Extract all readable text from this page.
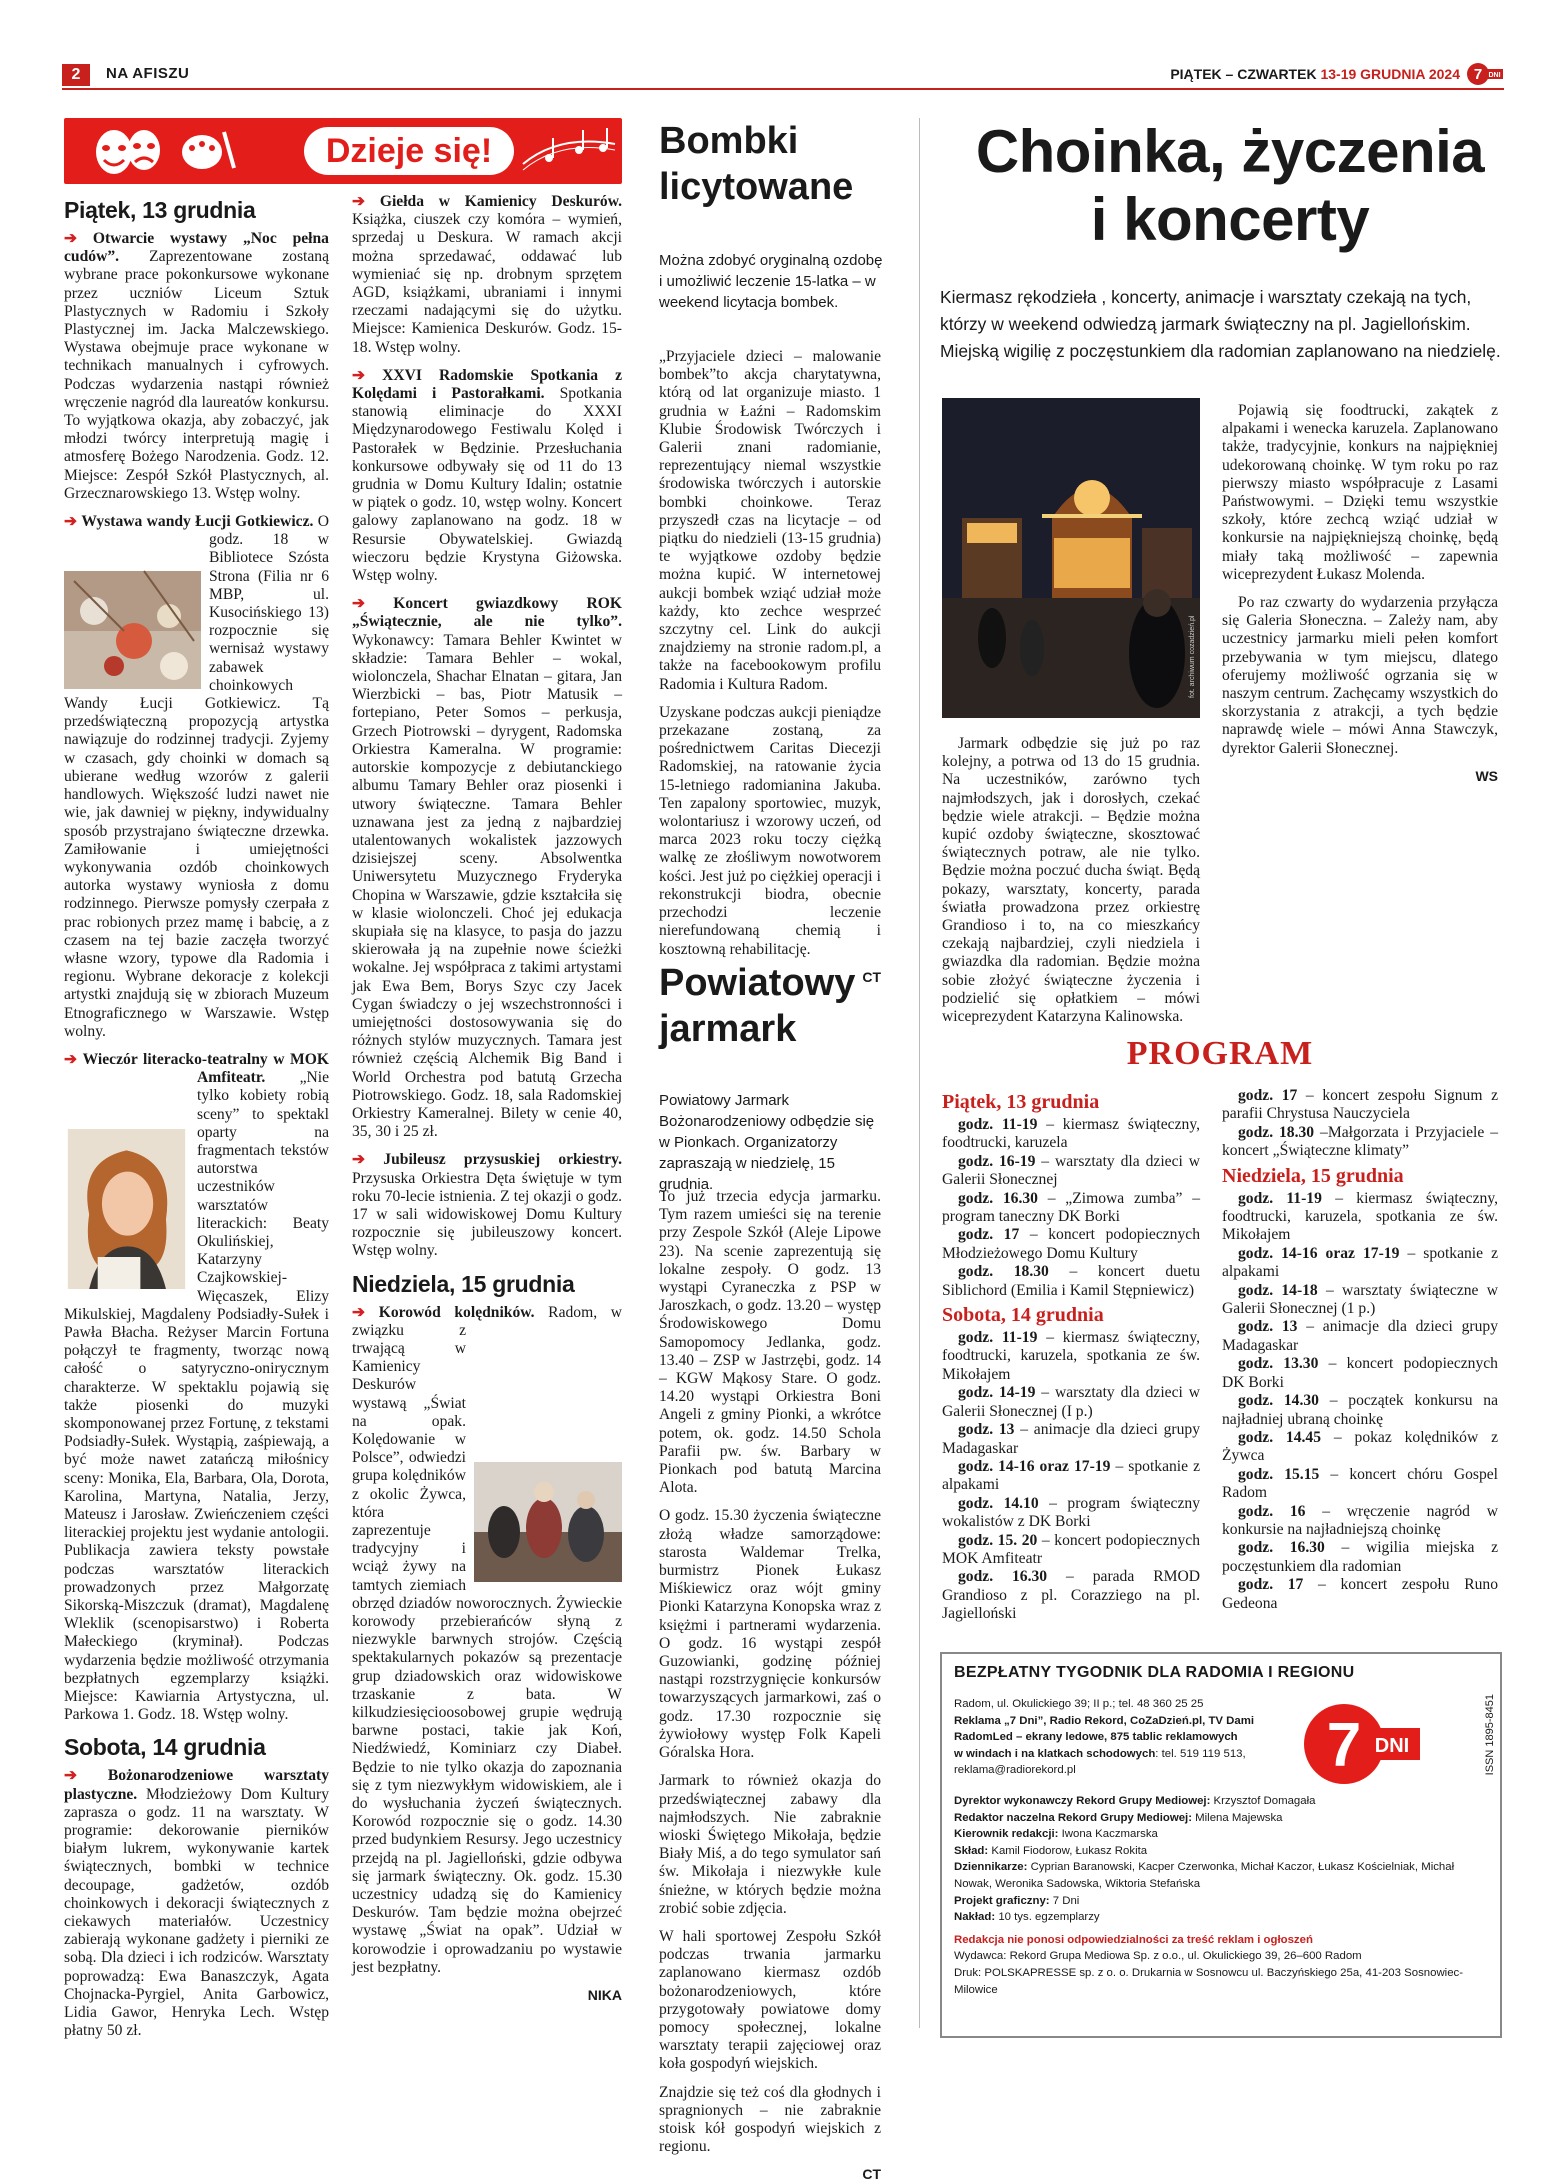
2	NA AFISZU	PIĄTEK – CZWARTEK 13-19 GRUDNIA 2024 7 DNI
Dzieje się!
Piątek, 13 grudnia

➔ Otwarcie wystawy „Noc pełna cudów”. Zaprezentowane zostaną wybrane prace pokonkursowe wykonane przez uczniów Liceum Sztuk Plastycznych w Radomiu i Szkoły Plastycznej im. Jacka Malczewskiego. Wystawa obejmuje prace wykonane w technikach manualnych i cyfrowych. Podczas wydarzenia nastąpi również wręczenie nagród dla laureatów konkursu. To wyjątkowa okazja, aby zobaczyć, jak młodzi twórcy interpretują magię i atmosferę Bożego Narodzenia. Godz. 12. Miejsce: Zespół Szkół Plastycznych, al. Grzecznarowskiego 13. Wstęp wolny.

➔ Wystawa wandy Łucji Gotkiewicz.
O godz. 18 w Bibliotece Szósta Strona (Filia nr 6 MBP, ul. Kusocińskiego 13) rozpocznie się wernisaż wystawy zabawek choinkowych Wandy Łucji Gotkiewicz. Tą przedświąteczną propozycją artystka nawiązuje do rodzinnej tradycji. Zyjemy w czasach, gdy choinki w domach są ubierane według wzorów z galerii handlowych. Większość ludzi nawet nie wie, jak dawniej w piękny, indywidualny sposób przystrajano świąteczne drzewka. Zamiłowanie i umiejętności wykonywania ozdób choinkowych autorka wystawy wyniosła z domu rodzinnego. Pierwsze pomysły czerpała z prac robionych przez mamę i babcię, a z czasem na tej bazie zaczęła tworzyć własne wzory, typowe dla Radomia i regionu. Wybrane dekoracje z kolekcji artystki znajdują się w zbiorach Muzeum Etnograficznego w Warszawie. Wstęp wolny.

➔ Wieczór literacko-teatralny w MOK Amfiteatr.
„Nie tylko kobiety robią sceny” to spektakl oparty na fragmentach tekstów autorstwa uczestników warsztatów literackich: Beaty Okulińskiej, Katarzyny Czajkowskiej-Więcaszek, Elizy Mikulskiej, Magdaleny Podsiadły-Sułek i Pawła Błacha. Reżyser Marcin Fortuna połączył te fragmenty, tworząc nową całość o satyryczno-onirycznym charakterze. W spektaklu pojawią się także piosenki do muzyki skomponowanej przez Fortunę, z tekstami Podsiadły-Sułek. Wystąpią, zaśpiewają, a być może nawet zatańczą miłośnicy sceny: Monika, Ela, Barbara, Ola, Dorota, Karolina, Martyna, Natalia, Jerzy, Mateusz i Jarosław. Zwieńczeniem części literackiej projektu jest wydanie antologii. Publikacja zawiera teksty powstałe podczas warsztatów literackich prowadzonych przez Małgorzatę Sikorską-Miszczuk (dramat), Magdalenę Wleklik (scenopisarstwo) i Roberta Małeckiego (kryminał). Podczas wydarzenia będzie możliwość otrzymania bezpłatnych egzemplarzy książki. Miejsce: Kawiarnia Artystyczna, ul. Parkowa 1. Godz. 18. Wstęp wolny.

Sobota, 14 grudnia

➔ Bożonarodzeniowe warsztaty plastyczne. Młodzieżowy Dom Kultury zaprasza o godz. 11 na warsztaty. W programie: dekorowanie pierników białym lukrem, wykonywanie kartek świątecznych, bombki w technice decoupage, gadżetów, ozdób choinkowych i dekoracji świątecznych z ciekawych materiałów. Uczestnicy zabierają wykonane gadżety i pierniki ze sobą. Dla dzieci i ich rodziców. Warsztaty poprowadzą: Ewa Banaszczyk, Agata Chojnacka-Pyrgiel, Anita Garbowicz, Lidia Gawor, Henryka Lech. Wstęp płatny 50 zł.

➔ Giełda w Kamienicy Deskurów. Książka, ciuszek czy komóra – wymień, sprzedaj u Deskura. W ramach akcji można sprzedawać, oddawać lub wymieniać się np. drobnym sprzętem AGD, książkami, ubraniami i innymi rzeczami nadającymi się do użytku. Miejsce: Kamienica Deskurów. Godz. 15-18. Wstęp wolny.

➔ XXVI Radomskie Spotkania z Kolędami i Pastorałkami. Spotkania stanowią eliminacje do XXXI Międzynarodowego Festiwalu Kolęd i Pastorałek w Będzinie. Przesłuchania konkursowe odbywały się od 11 do 13 grudnia w Domu Kultury Idalin; ostatnie w piątek o godz. 10, wstęp wolny. Koncert galowy zaplanowano na godz. 18 w Resursie Obywatelskiej. Gwiazdą wieczoru będzie Krystyna Giżowska. Wstęp wolny.

➔ Koncert gwiazdkowy ROK „Świątecznie, ale nie tylko”. Wykonawcy: Tamara Behler Kwintet w składzie: Tamara Behler – wokal, wiolonczela, Shachar Elnatan – gitara, Jan Wierzbicki – bas, Piotr Matusik – fortepiano, Peter Somos – perkusja, Grzech Piotrowski – dyrygent, Radomska Orkiestra Kameralna. W programie: autorskie kompozycje z debiutanckiego albumu Tamary Behler oraz piosenki i utwory świąteczne. Tamara Behler uznawana jest za jedną z najbardziej utalentowanych wokalistek jazzowych dzisiejszej sceny. Absolwentka Uniwersytetu Muzycznego Fryderyka Chopina w Warszawie, gdzie kształciła się w klasie wiolonczeli. Choć jej edukacja skupiała się na klasyce, to pasja do jazzu skierowała ją na zupełnie nowe ścieżki wokalne. Jej współpraca z takimi artystami jak Ewa Bem, Borys Szyc czy Jacek Cygan świadczy o jej wszechstronności i umiejętności dostosowywania się do różnych stylów muzycznych. Tamara jest również częścią Alchemik Big Band i World Orchestra pod batutą Grzecha Piotrowskiego. Godz. 18, sala Radomskiej Orkiestry Kameralnej. Bilety w cenie 40, 35, 30 i 25 zł.

➔ Jubileusz przysuskiej orkiestry. Przysuska Orkiestra Dęta świętuje w tym roku 70-lecie istnienia. Z tej okazji o godz. 17 w sali widowiskowej Domu Kultury rozpocznie się jubileuszowy koncert. Wstęp wolny.

Niedziela, 15 grudnia

➔ Korowód kolędników.
Radom, w związku z trwającą w Kamienicy Deskurów wystawą „Świat na opak. Kolędowanie w Polsce”, odwiedzi grupa kolędników z okolic Żywca, która zaprezentuje tradycyjny i wciąż żywy na tamtych ziemiach obrzęd dziadów noworocznych. Żywieckie korowody przebierańców słyną z niezwykle barwnych strojów. Częścią spektakularnych pokazów są prezentacje grup dziadowskich oraz widowiskowe trzaskanie z bata. W kilkudziesięcioosobowej grupie wędrują barwne postaci, takie jak Koń, Niedźwiedź, Kominiarz czy Diabeł. Będzie to nie tylko okazja do zapoznania się z tym niezwykłym widowiskiem, ale i do wysłuchania życzeń świątecznych. Korowód rozpocznie się o godz. 14.30 przed budynkiem Resursy. Jego uczestnicy przejdą na pl. Jagielloński, gdzie odbywa się jarmark świąteczny. Ok. godz. 15.30 uczestnicy udadzą się do Kamienicy Deskurów. Tam będzie można obejrzeć wystawę „Świat na opak”. Udział w korowodzie i oprowadzaniu po wystawie jest bezpłatny.

NIKA
Bombki licytowane
Można zdobyć oryginalną ozdobę i umożliwić leczenie 15-latka – w weekend licytacja bombek.

„Przyjaciele dzieci – malowanie bombek”to akcja charytatywna, którą od lat organizuje miasto. 1 grudnia w Łaźni – Radomskim Klubie Środowisk Twórczych i Galerii znani radomianie, reprezentujący niemal wszystkie środowiska twórczych i autorskie bombki choinkowe. Teraz przyszedł czas na licytacje – od piątku do niedzieli (13-15 grudnia) te wyjątkowe ozdoby będzie można kupić. W internetowej aukcji bombek wziąć udział może każdy, kto zechce wesprzeć szczytny cel. Link do aukcji znajdziemy na stronie radom.pl, a także na facebookowym profilu Radomia i Kultura Radom.

Uzyskane podczas aukcji pieniądze przekazane zostaną, za pośrednictwem Caritas Diecezji Radomskiej, na ratowanie życia 15-letniego radomianina Jakuba. Ten zapalony sportowiec, muzyk, wolontariusz i wzorowy uczeń, od marca 2023 roku toczy ciężką walkę ze złośliwym nowotworem kości. Jest już po ciężkiej operacji i rekonstrukcji biodra, obecnie przechodzi leczenie nierefundowaną chemią i kosztowną rehabilitację.

CT
Powiatowy jarmark
Powiatowy Jarmark Bożonarodzeniowy odbędzie się w Pionkach. Organizatorzy zapraszają w niedzielę, 15 grudnia.

To już trzecia edycja jarmarku. Tym razem umieści się na terenie przy Zespole Szkół (Aleje Lipowe 23). Na scenie zaprezentują się lokalne zespoły. O godz. 13 wystąpi Cyraneczka z PSP w Jaroszkach, o godz. 13.20 – występ Środowiskowego Domu Samopomocy Jedlanka, godz. 13.40 – ZSP w Jastrzębi, godz. 14 – KGW Mąkosy Stare. O godz. 14.20 wystąpi Orkiestra Boni Angeli z gminy Pionki, a wkrótce potem, ok. godz. 14.50 Schola Parafii pw. św. Barbary w Pionkach pod batutą Marcina Alota.

O godz. 15.30 życzenia świąteczne złożą władze samorządowe: starosta Waldemar Trelka, burmistrz Pionek Łukasz Miśkiewicz oraz wójt gminy Pionki Katarzyna Konopska wraz z księżmi i partnerami wydarzenia. O godz. 16 wystąpi zespół Guzowianki, godzinę później nastąpi rozstrzygnięcie konkursów towarzyszących jarmarkowi, zaś o godz. 17.30 rozpocznie się żywiołowy występ Folk Kapeli Góralska Hora.

Jarmark to również okazja do przedświątecznej zabawy dla najmłodszych. Nie zabraknie wioski Świętego Mikołaja, będzie Biały Miś, a do tego symulator sań św. Mikołaja i niezwykłe kule śnieżne, w których będzie można zrobić sobie zdjęcia.

W hali sportowej Zespołu Szkół podczas trwania jarmarku zaplanowano kiermasz ozdób bożonarodzeniowych, które przygotowały powiatowe domy pomocy społecznej, lokalne warsztaty terapii zajęciowej oraz koła gospodyń wiejskich.

Znajdzie się też coś dla głodnych i spragnionych – nie zabraknie stoisk kół gospodyń wiejskich z regionu.

CT
Choinka, życzenia i koncerty
Kiermasz rękodzieła , koncerty, animacje i warsztaty czekają na tych, którzy w weekend odwiedzą jarmark świąteczny na pl. Jagiellońskim. Miejską wigilię z poczęstunkiem dla radomian zaplanowano na niedzielę.
fot. archiwum cozadzień.pl

Jarmark odbędzie się już po raz kolejny, a potrwa od 13 do 15 grudnia. Na uczestników, zarówno tych najmłodszych, jak i dorosłych, czekać będzie wiele atrakcji. – Będzie można kupić ozdoby świąteczne, skosztować świątecznych potraw, ale nie tylko. Będzie można poczuć ducha świąt. Będą pokazy, warsztaty, koncerty, parada światła prowadzona przez orkiestrę Grandioso i to, na co mieszkańcy czekają najbardziej, czyli niedziela i gwiazdka dla radomian. Będzie można sobie złożyć świąteczne życzenia i podzielić się opłatkiem – mówi wiceprezydent Katarzyna Kalinowska.

Pojawią się foodtrucki, zakątek z alpakami i wenecka karuzela. Zaplanowano także, tradycyjnie, konkurs na najpiękniej udekorowaną choinkę. W tym roku po raz pierwszy miasto współpracuje z Lasami Państwowymi. – Dzięki temu wszystkie szkoły, które zechcą wziąć udział w konkursie na najpiękniejszą choinkę, będą miały taką możliwość – zapewnia wiceprezydent Łukasz Molenda.

Po raz czwarty do wydarzenia przyłącza się Galeria Słoneczna. – Zależy nam, aby uczestnicy jarmarku mieli pełen komfort przebywania w tym miejscu, dlatego oferujemy możliwość ogrzania się w naszym centrum. Zachęcamy wszystkich do skorzystania z atrakcji, a tych będzie naprawdę wiele – mówi Anna Stawczyk, dyrektor Galerii Słonecznej.

WS
PROGRAM
Piątek, 13 grudnia

godz. 11-19 – kiermasz świąteczny, foodtrucki, karuzela

godz. 16-19 – warsztaty dla dzieci w Galerii Słonecznej

godz. 16.30 – „Zimowa zumba” – program taneczny DK Borki

godz. 17 – koncert podopiecznych Młodzieżowego Domu Kultury

godz. 18.30 – koncert duetu Siblichord (Emilia i Kamil Stępniewicz)

Sobota, 14 grudnia

godz. 11-19 – kiermasz świąteczny, foodtrucki, karuzela, spotkania ze św. Mikołajem

godz. 14-19 – warsztaty dla dzieci w Galerii Słonecznej (I p.)

godz. 13 – animacje dla dzieci grupy Madagaskar

godz. 14-16 oraz 17-19 – spotkanie z alpakami

godz. 14.10 – program świąteczny wokalistów z DK Borki

godz. 15. 20 – koncert podopiecznych MOK Amfiteatr

godz. 16.30 – parada RMOD Grandioso z pl. Corazziego na pl. Jagielloński

godz. 17 – koncert zespołu Signum z parafii Chrystusa Nauczyciela

godz. 18.30 –Małgorzata i Przyjaciele – koncert „Świąteczne klimaty”

Niedziela, 15 grudnia

godz. 11-19 – kiermasz świąteczny, foodtrucki, karuzela, spotkania ze św. Mikołajem

godz. 14-16 oraz 17-19 – spotkanie z alpakami

godz. 14-18 – warsztaty świąteczne w Galerii Słonecznej (1 p.)

godz. 13 – animacje dla dzieci grupy Madagaskar

godz. 13.30 – koncert podopiecznych DK Borki

godz. 14.30 – początek konkursu na najładniej ubraną choinkę

godz. 14.45 – pokaz kolędników z Żywca

godz. 15.15 – koncert chóru Gospel Radom

godz. 16 – wręczenie nagród w konkursie na najładniejszą choinkę

godz. 16.30 – wigilia miejska z poczęstunkiem dla radomian

godz. 17 – koncert zespołu Runo Gedeona

BEZPŁATNY TYGODNIK DLA RADOMIA I REGIONU
7 DNI	ISSN 1895-8451
Radom, ul. Okulickiego 39; II p.; tel. 48 360 25 25
Reklama „7 Dni”, Radio Rekord, CoZaDzień.pl, TV Dami
RadomLed – ekrany ledowe, 875 tablic reklamowych
w windach i na klatkach schodowych: tel. 519 119 513,
reklama@radiorekord.pl
Dyrektor wykonawczy Rekord Grupy Mediowej: Krzysztof Domagała
Redaktor naczelna Rekord Grupy Mediowej: Milena Majewska
Kierownik redakcji: Iwona Kaczmarska
Skład: Kamil Fiodorow, Łukasz Rokita
Dziennikarze: Cyprian Baranowski, Kacper Czerwonka, Michał Kaczor, Łukasz Kościelniak, Michał Nowak, Weronika Sadowska, Wiktoria Stefańska
Projekt graficzny: 7 Dni
Nakład: 10 tys. egzemplarzy
Redakcja nie ponosi odpowiedzialności za treść reklam i ogłoszeń
Wydawca: Rekord Grupa Mediowa Sp. z o.o., ul. Okulickiego 39, 26–600 Radom
Druk: POLSKAPRESSE sp. z o. o. Drukarnia w Sosnowcu ul. Baczyńskiego 25a, 41-203 Sosnowiec-Milowice
